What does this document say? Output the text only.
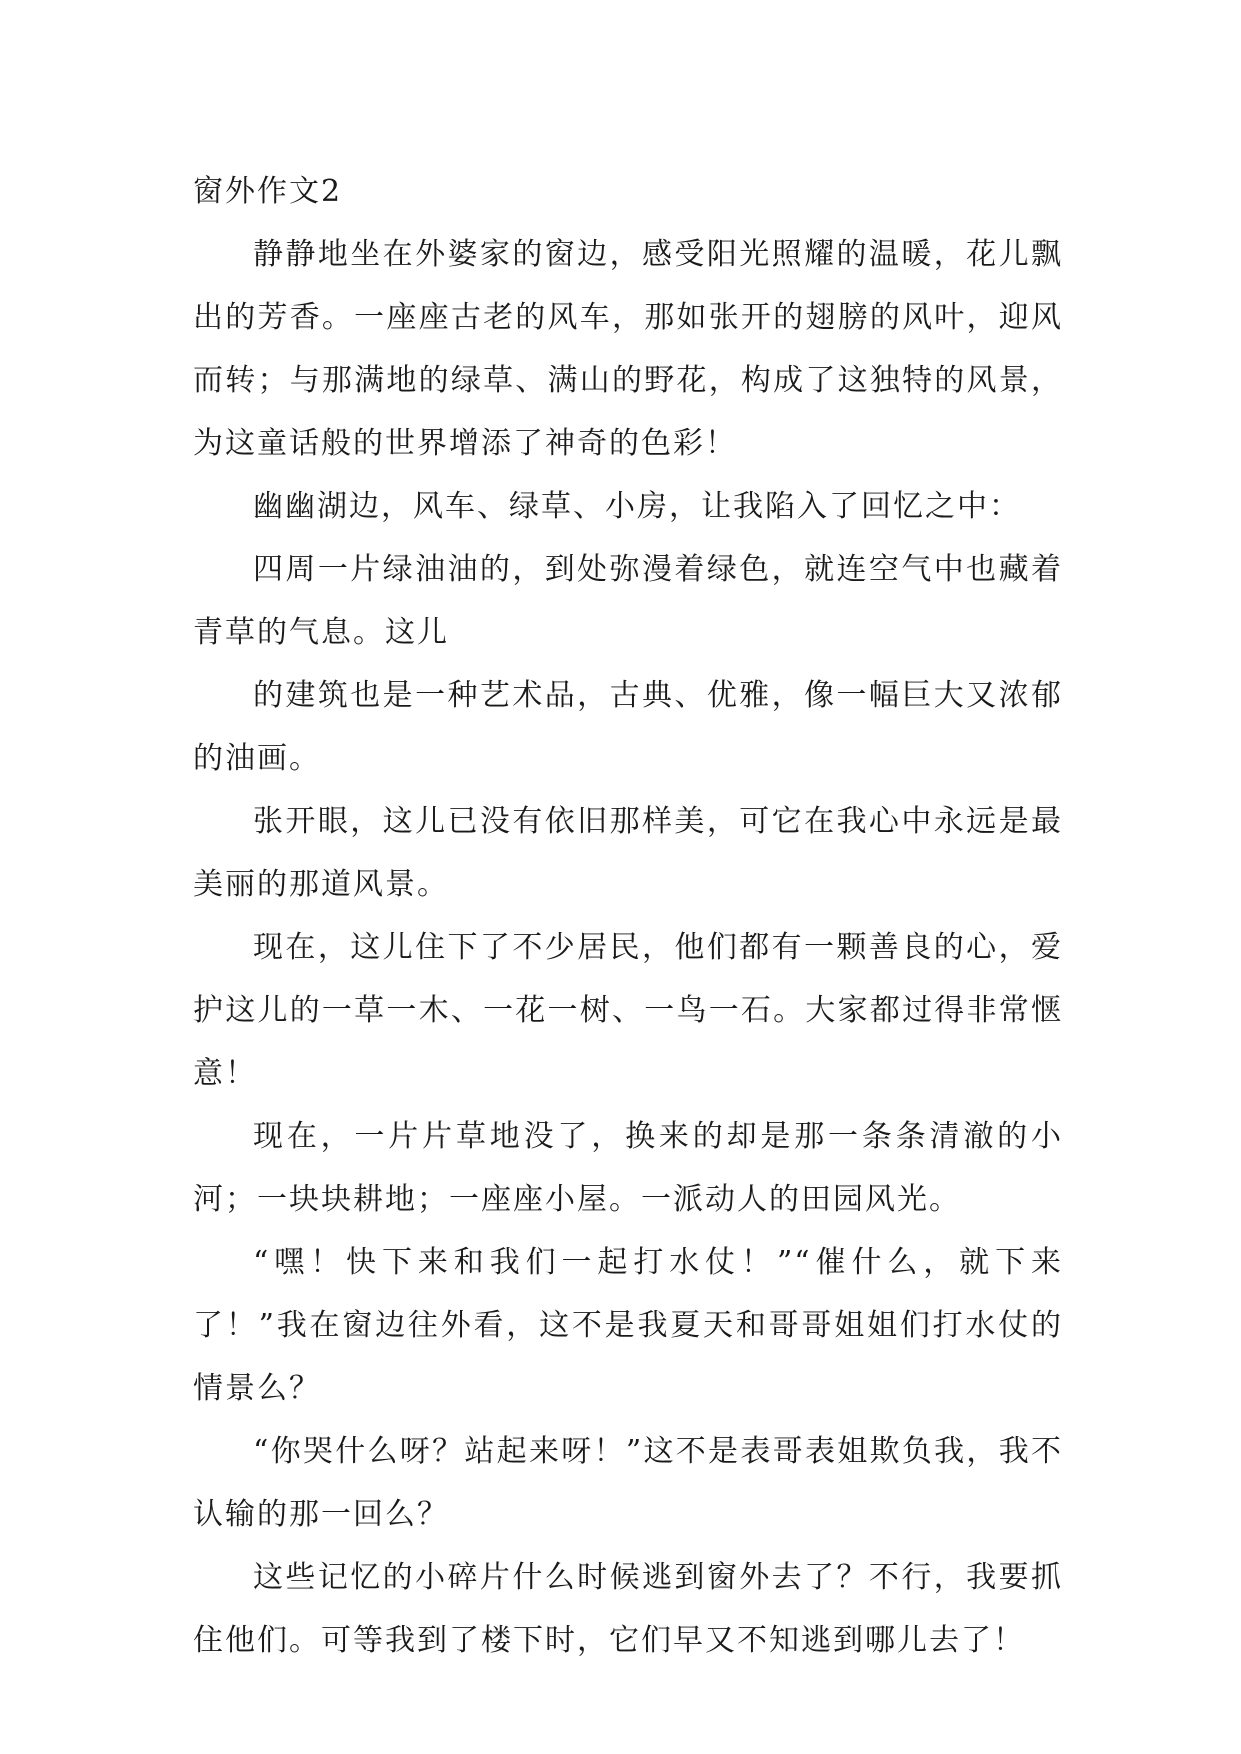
窗外作文2

静静地坐在外婆家的窗边，感受阳光照耀的温暖，花儿飘出的芳香。一座座古老的风车，那如张开的翅膀的风叶，迎风而转；与那满地的绿草、满山的野花，构成了这独特的风景，为这童话般的世界增添了神奇的色彩！

幽幽湖边，风车、绿草、小房，让我陷入了回忆之中：

四周一片绿油油的，到处弥漫着绿色，就连空气中也藏着青草的气息。这儿

的建筑也是一种艺术品，古典、优雅，像一幅巨大又浓郁的油画。

张开眼，这儿已没有依旧那样美，可它在我心中永远是最美丽的那道风景。

现在，这儿住下了不少居民，他们都有一颗善良的心，爱护这儿的一草一木、一花一树、一鸟一石。大家都过得非常惬意！

现在，一片片草地没了，换来的却是那一条条清澈的小河；一块块耕地；一座座小屋。一派动人的田园风光。

“嘿！快下来和我们一起打水仗！”“催什么，就下来了！”我在窗边往外看，这不是我夏天和哥哥姐姐们打水仗的情景么？

“你哭什么呀？站起来呀！”这不是表哥表姐欺负我，我不认输的那一回么？

这些记忆的小碎片什么时候逃到窗外去了？不行，我要抓住他们。可等我到了楼下时，它们早又不知逃到哪儿去了！
